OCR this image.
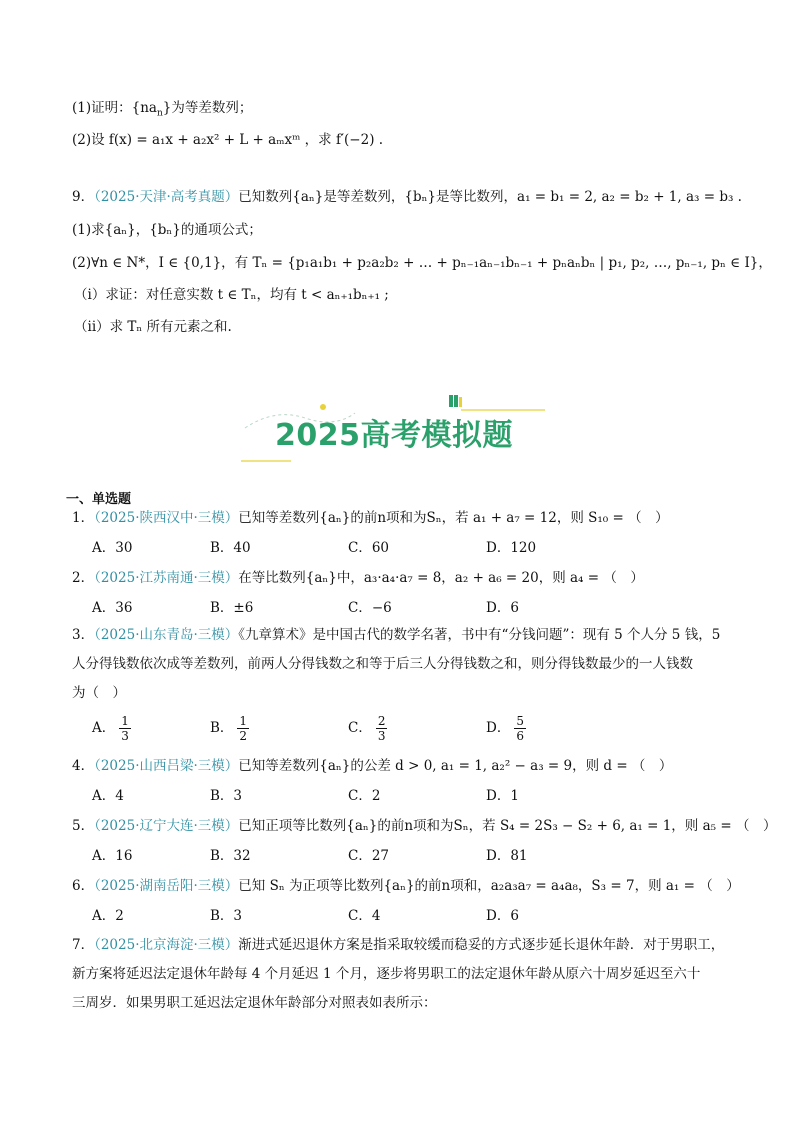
(1)证明：$\{na_n\}$为等差数列；
(2)设 f(x) = a₁x + a₂x² + L + aₘxᵐ ，求 f′(−2) .
9．（2025·天津·高考真题）已知数列{aₙ}是等差数列，{bₙ}是等比数列，a₁ = b₁ = 2, a₂ = b₂ + 1, a₃ = b₃ .
(1)求{aₙ}，{bₙ}的通项公式；
(2)∀n ∈ N*，I ∈ {0,1}，有 Tₙ = {p₁a₁b₁ + p₂a₂b₂ + … + pₙ₋₁aₙ₋₁bₙ₋₁ + pₙaₙbₙ | p₁, p₂, …, pₙ₋₁, pₙ ∈ I}，
（i）求证：对任意实数 t ∈ Tₙ，均有 t < aₙ₊₁bₙ₊₁ ;
（ii）求 Tₙ 所有元素之和.
2025高考模拟题
一、单选题
1．（2025·陕西汉中·三模）已知等差数列{aₙ}的前n项和为Sₙ，若 a₁ + a₇ = 12，则 S₁₀ = （　）
A．30	B．40	C．60	D．120
2．（2025·江苏南通·三模）在等比数列{aₙ}中，a₃·a₄·a₇ = 8，a₂ + a₆ = 20，则 a₄ = （　）
A．36	B．±6	C．−6	D．6
3．（2025·山东青岛·三模）《九章算术》是中国古代的数学名著，书中有“分钱问题”：现有 5 个人分 5 钱，5
人分得钱数依次成等差数列，前两人分得钱数之和等于后三人分得钱数之和，则分得钱数最少的一人钱数
为（　）
A． $\frac{1}{3}$	B． $\frac{1}{2}$	C． $\frac{2}{3}$	D． $\frac{5}{6}$
4．（2025·山西吕梁·三模）已知等差数列{aₙ}的公差 d > 0, a₁ = 1, a₂² − a₃ = 9，则 d = （　）
A．4	B．3	C．2	D．1
5．（2025·辽宁大连·三模）已知正项等比数列{aₙ}的前n项和为Sₙ，若 S₄ = 2S₃ − S₂ + 6, a₁ = 1，则 a₅ = （　）
A．16	B．32	C．27	D．81
6．（2025·湖南岳阳·三模）已知 Sₙ 为正项等比数列{aₙ}的前n项和，a₂a₃a₇ = a₄a₈，S₃ = 7，则 a₁ = （　）
A．2	B．3	C．4	D．6
7．（2025·北京海淀·三模）渐进式延迟退休方案是指采取较缓而稳妥的方式逐步延长退休年龄．对于男职工，
新方案将延迟法定退休年龄每 4 个月延迟 1 个月，逐步将男职工的法定退休年龄从原六十周岁延迟至六十
三周岁．如果男职工延迟法定退休年龄部分对照表如表所示：
